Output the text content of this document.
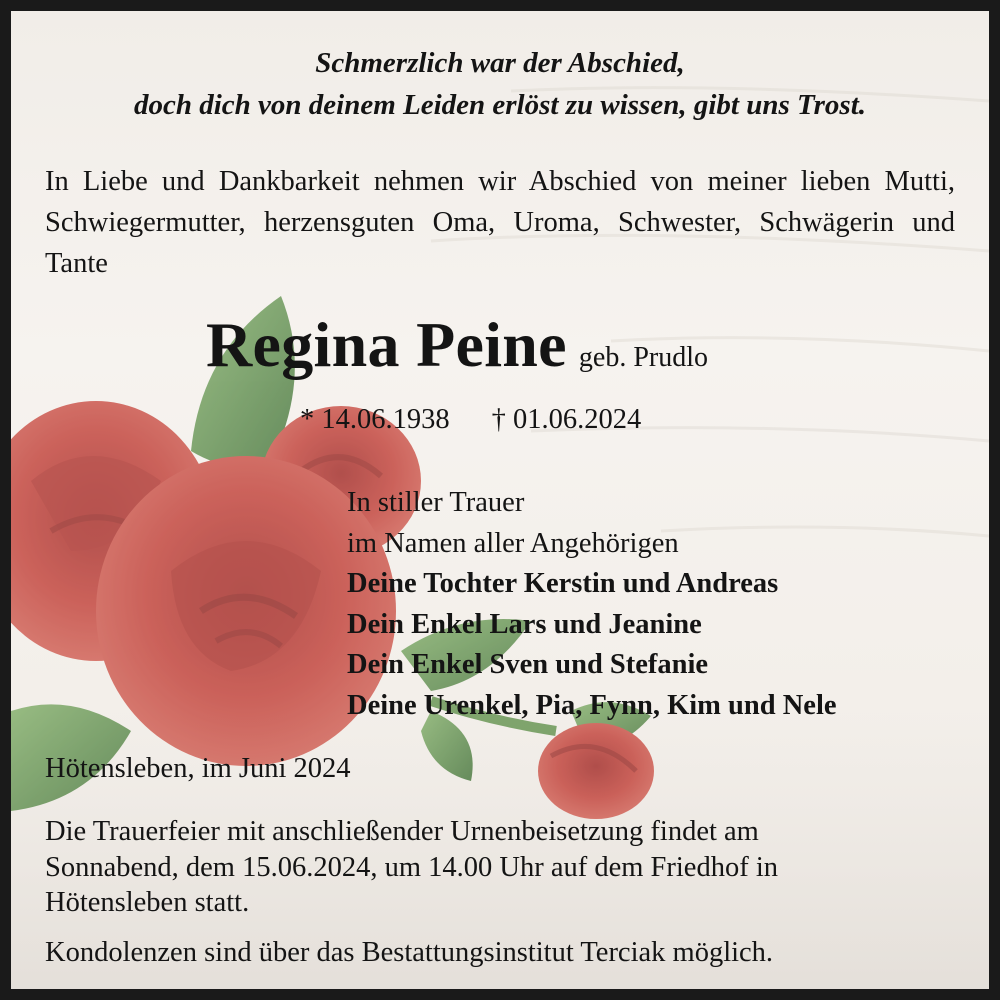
Schmerzlich war der Abschied,
doch dich von deinem Leiden erlöst zu wissen, gibt uns Trost.
In Liebe und Dankbarkeit nehmen wir Abschied von meiner lieben Mutti, Schwiegermutter, herzensguten Oma, Uroma, Schwester, Schwägerin und Tante
Regina Peine geb. Prudlo
* 14.06.1938 † 01.06.2024
In stiller Trauer
im Namen aller Angehörigen
Deine Tochter Kerstin und Andreas
Dein Enkel Lars und Jeanine
Dein Enkel Sven und Stefanie
Deine Urenkel, Pia, Fynn, Kim und Nele
Hötensleben, im Juni 2024
Die Trauerfeier mit anschließender Urnenbeisetzung findet am
Sonnabend, dem 15.06.2024, um 14.00 Uhr auf dem Friedhof in
Hötensleben statt.
Kondolenzen sind über das Bestattungsinstitut Terciak möglich.
